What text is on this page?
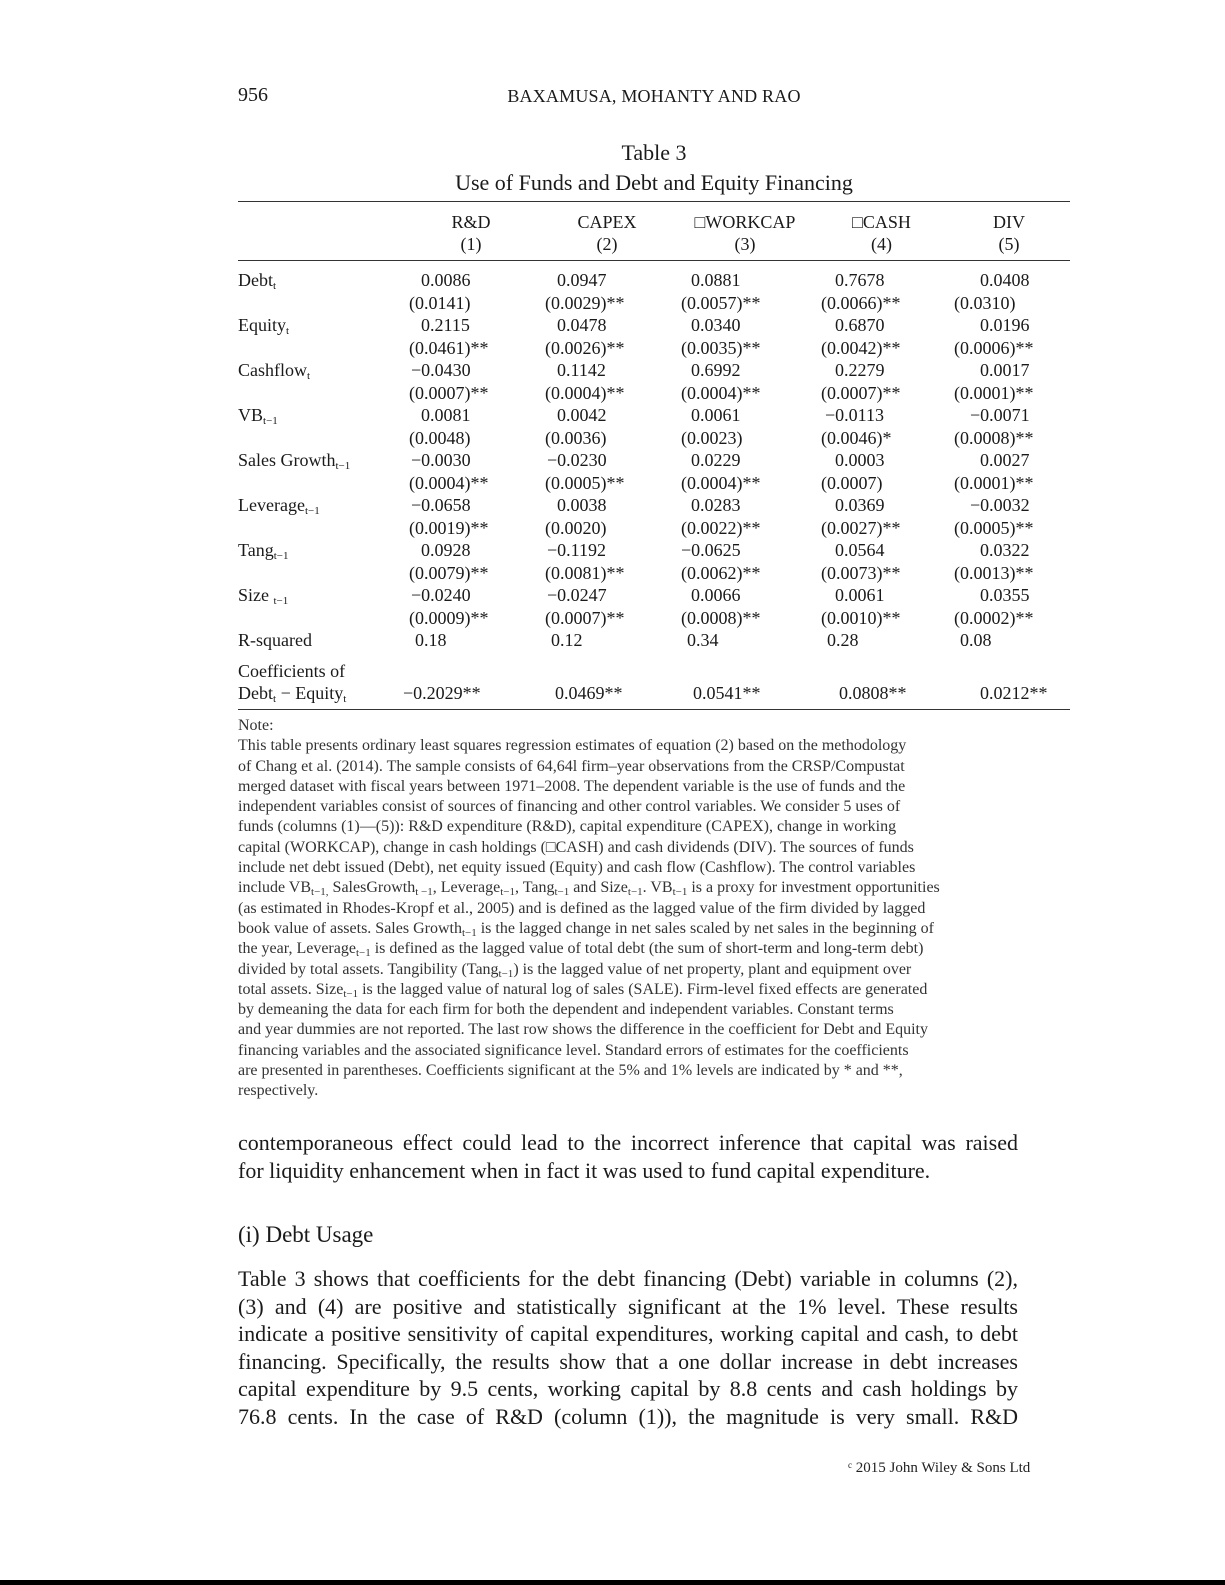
956	BAXAMUSA, MOHANTY AND RAO
Table 3
Use of Funds and Debt and Equity Financing

	R&D	CAPEX	□WORKCAP	□CASH	DIV
	(1)	(2)	(3)	(4)	(5)
Debt$_t$	0.0086	0.0947	0.0881	0.7678	0.0408
	(0.0141)	(0.0029)**	(0.0057)**	(0.0066)**	(0.0310)
Equity$_t$	0.2115	0.0478	0.0340	0.6870	0.0196
	(0.0461)**	(0.0026)**	(0.0035)**	(0.0042)**	(0.0006)**
Cashflow$_t$	−0.0430	0.1142	0.6992	0.2279	0.0017
	(0.0007)**	(0.0004)**	(0.0004)**	(0.0007)**	(0.0001)**
$VB_{t-1}$	0.0081	0.0042	0.0061	−0.0113	−0.0071
	(0.0048)	(0.0036)	(0.0023)	(0.0046)*	(0.0008)**
Sales Growth$_{t-1}$	−0.0030	−0.0230	0.0229	0.0003	0.0027
	(0.0004)**	(0.0005)**	(0.0004)**	(0.0007)	(0.0001)**
Leverage$_{t-1}$	−0.0658	0.0038	0.0283	0.0369	−0.0032
	(0.0019)**	(0.0020)	(0.0022)**	(0.0027)**	(0.0005)**
Tang$_{t-1}$	0.0928	−0.1192	−0.0625	0.0564	0.0322
	(0.0079)**	(0.0081)**	(0.0062)**	(0.0073)**	(0.0013)**
Size $_{t-1}$	−0.0240	−0.0247	0.0066	0.0061	0.0355
	(0.0009)**	(0.0007)**	(0.0008)**	(0.0010)**	(0.0002)**
R-squared	0.18	0.12	0.34	0.28	0.08
Coefficients of					
Debt$_t$ − Equity$_t$	−0.2029**	0.0469**	0.0541**	0.0808**	0.0212**
Note:
This table presents ordinary least squares regression estimates of equation (2) based on the methodology
of Chang et al. (2014). The sample consists of 64,64l firm–year observations from the CRSP/Compustat
merged dataset with fiscal years between 1971–2008. The dependent variable is the use of funds and the
independent variables consist of sources of financing and other control variables. We consider 5 uses of
funds (columns (1)—(5)): R&D expenditure (R&D), capital expenditure (CAPEX), change in working
capital (WORKCAP), change in cash holdings (□CASH) and cash dividends (DIV). The sources of funds
include net debt issued (Debt), net equity issued (Equity) and cash flow (Cashflow). The control variables
include $VB_{t-1,}$ SalesGrowth$_{t -1}$, Leverage$_{t-1}$, Tang$_{t-1}$ and Size$_{t-1}$. $VB_{t-1}$ is a proxy for investment opportunities
(as estimated in Rhodes-Kropf et al., 2005) and is defined as the lagged value of the firm divided by lagged
book value of assets. Sales Growth$_{t-1}$ is the lagged change in net sales scaled by net sales in the beginning of
the year, Leverage$_{t-1}$ is defined as the lagged value of total debt (the sum of short-term and long-term debt)
divided by total assets. Tangibility (Tang$_{t-1}$) is the lagged value of net property, plant and equipment over
total assets. Size$_{t-1}$ is the lagged value of natural log of sales (SALE). Firm-level fixed effects are generated
by demeaning the data for each firm for both the dependent and independent variables. Constant terms
and year dummies are not reported. The last row shows the difference in the coefficient for Debt and Equity
financing variables and the associated significance level. Standard errors of estimates for the coefficients
are presented in parentheses. Coefficients significant at the 5% and 1% levels are indicated by * and **,
respectively.
contemporaneous effect could lead to the incorrect inference that capital was raised
for liquidity enhancement when in fact it was used to fund capital expenditure.
(i) Debt Usage
Table 3 shows that coefficients for the debt financing (Debt) variable in columns (2),
(3) and (4) are positive and statistically significant at the 1% level. These results
indicate a positive sensitivity of capital expenditures, working capital and cash, to debt
financing. Specifically, the results show that a one dollar increase in debt increases
capital expenditure by 9.5 cents, working capital by 8.8 cents and cash holdings by
76.8 cents. In the case of R&D (column (1)), the magnitude is very small. R&D
$^c$ 2015 John Wiley & Sons Ltd
